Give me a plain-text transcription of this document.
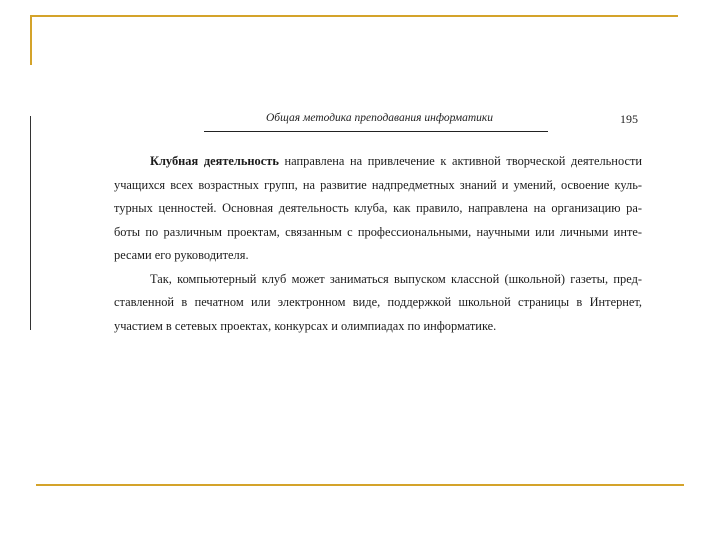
Общая методика преподавания информатики	195
Клубная деятельность направлена на привлечение к активной творческой деятельности
учащихся всех возрастных групп, на развитие надпредметных знаний и умений, освоение куль-
турных ценностей. Основная деятельность клуба, как правило, направлена на организацию ра-
боты по различным проектам, связанным с профессиональными, научными или личными инте-
ресами его руководителя.
Так, компьютерный клуб может заниматься выпуском классной (школьной) газеты, пред-
ставленной в печатном или электронном виде, поддержкой школьной страницы в Интернет,
участием в сетевых проектах, конкурсах и олимпиадах по информатике.
